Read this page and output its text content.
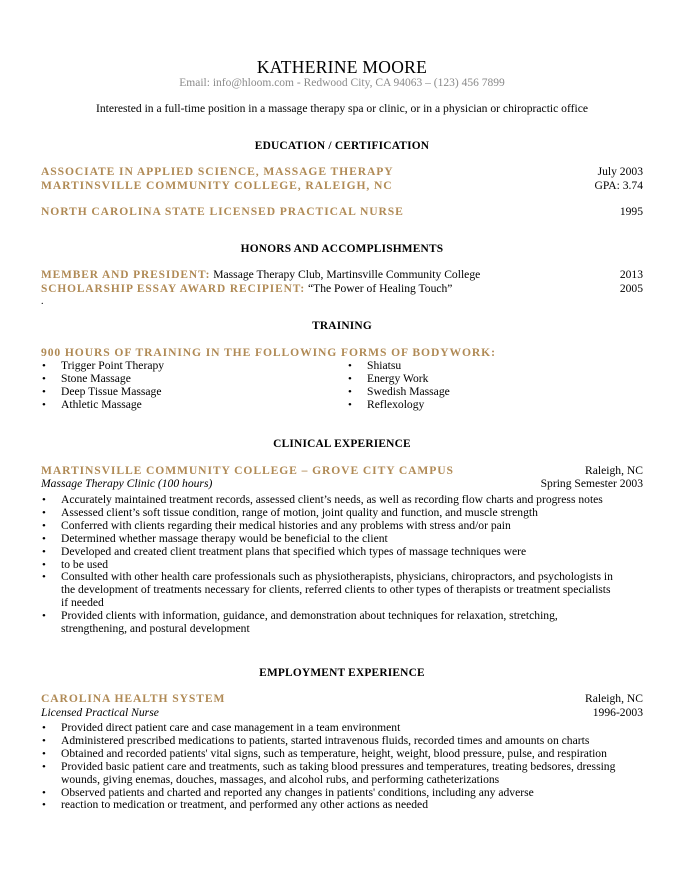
KATHERINE MOORE
Email: info@hloom.com - Redwood City, CA 94063 – (123) 456 7899
Interested in a full-time position in a massage therapy spa or clinic, or in a physician or chiropractic office
EDUCATION / CERTIFICATION
ASSOCIATE IN APPLIED SCIENCE, MASSAGE THERAPY	July 2003
MARTINSVILLE COMMUNITY COLLEGE, RALEIGH, NC	GPA: 3.74
NORTH CAROLINA STATE LICENSED PRACTICAL NURSE	1995
HONORS AND ACCOMPLISHMENTS
MEMBER AND PRESIDENT: Massage Therapy Club, Martinsville Community College	2013
SCHOLARSHIP ESSAY AWARD RECIPIENT: “The Power of Healing Touch”	2005
.
TRAINING
900 HOURS OF TRAINING IN THE FOLLOWING FORMS OF BODYWORK:
• Trigger Point Therapy
• Stone Massage
• Deep Tissue Massage
• Athletic Massage
• Shiatsu
• Energy Work
• Swedish Massage
• Reflexology
CLINICAL EXPERIENCE
MARTINSVILLE COMMUNITY COLLEGE – GROVE CITY CAMPUS	Raleigh, NC
Massage Therapy Clinic (100 hours)	Spring Semester 2003
• Accurately maintained treatment records, assessed client’s needs, as well as recording flow charts and progress notes
• Assessed client’s soft tissue condition, range of motion, joint quality and function, and muscle strength
• Conferred with clients regarding their medical histories and any problems with stress and/or pain
• Determined whether massage therapy would be beneficial to the client
• Developed and created client treatment plans that specified which types of massage techniques were
• to be used
• Consulted with other health care professionals such as physiotherapists, physicians, chiropractors, and psychologists in
the development of treatments necessary for clients, referred clients to other types of therapists or treatment specialists
if needed
• Provided clients with information, guidance, and demonstration about techniques for relaxation, stretching,
strengthening, and postural development
EMPLOYMENT EXPERIENCE
CAROLINA HEALTH SYSTEM	Raleigh, NC
Licensed Practical Nurse	1996-2003
• Provided direct patient care and case management in a team environment
• Administered prescribed medications to patients, started intravenous fluids, recorded times and amounts on charts
• Obtained and recorded patients' vital signs, such as temperature, height, weight, blood pressure, pulse, and respiration
• Provided basic patient care and treatments, such as taking blood pressures and temperatures, treating bedsores, dressing
wounds, giving enemas, douches, massages, and alcohol rubs, and performing catheterizations
• Observed patients and charted and reported any changes in patients' conditions, including any adverse
• reaction to medication or treatment, and performed any other actions as needed
